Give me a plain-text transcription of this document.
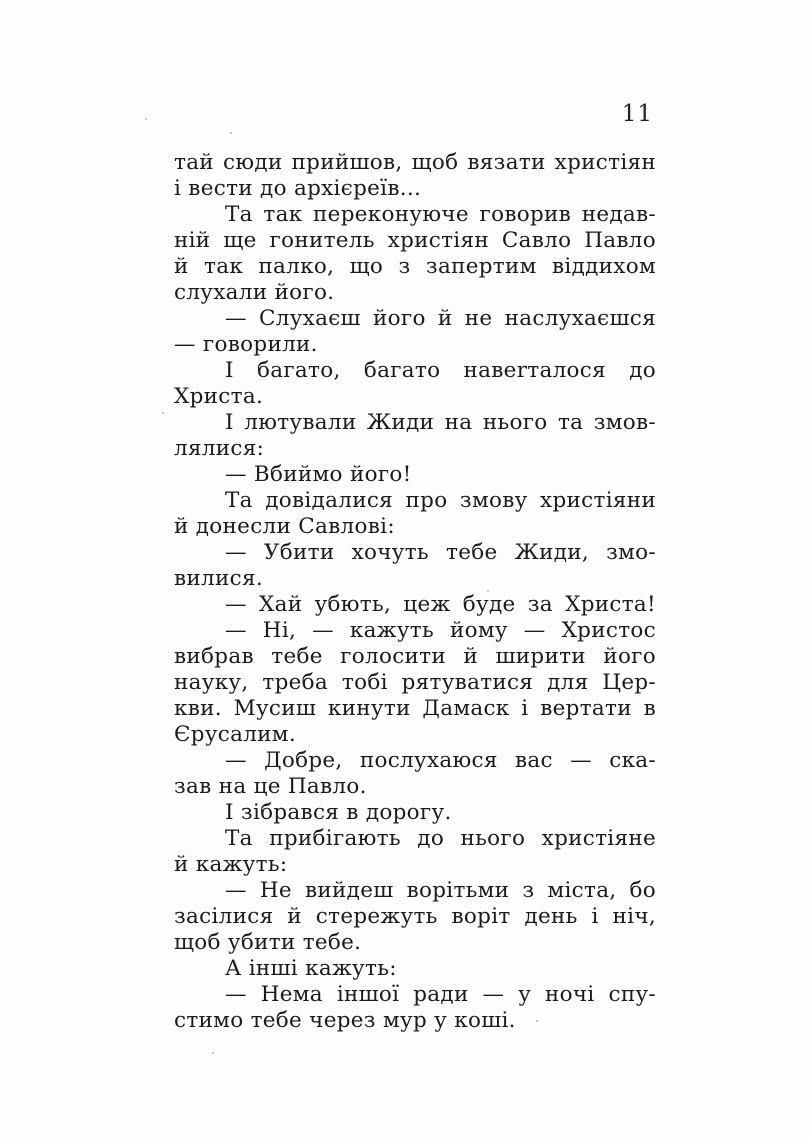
11
тай сюди прийшов, щоб вязати христіян
і вести до архієреїв...
Та так переконуюче говорив недав-
ній ще гонитель христіян Савло Павло
й так палко, що з запертим віддихом
слухали його.
— Слухаєш його й не наслухаєшся
— говорили.
І багато, багато навerталося до
Христа.
І лютували Жиди на нього та змов-
лялися:
— Вбиймо його!
Та довідалися про змову христіяни
й донесли Савлові:
— Убити хочуть тебе Жиди, змо-
вилися.
— Хай убють, цеж буде за Христа!
— Ні, — кажуть йому — Христос
вибрав тебе голосити й ширити його
науку, треба тобі рятуватися для Цер-
кви. Мусиш кинути Дамаск і вертати в
Єрусалим.
— Добре, послухаюся вас — ска-
зав на це Павло.
І зібрався в дорогу.
Та прибігають до нього христіяне
й кажуть:
— Не вийдеш ворітьми з міста, бо
засілися й стережуть воріт день і ніч,
щоб убити тебе.
А інші кажуть:
— Нема іншої ради — у ночі спу-
стимо тебе через мур у коші.
